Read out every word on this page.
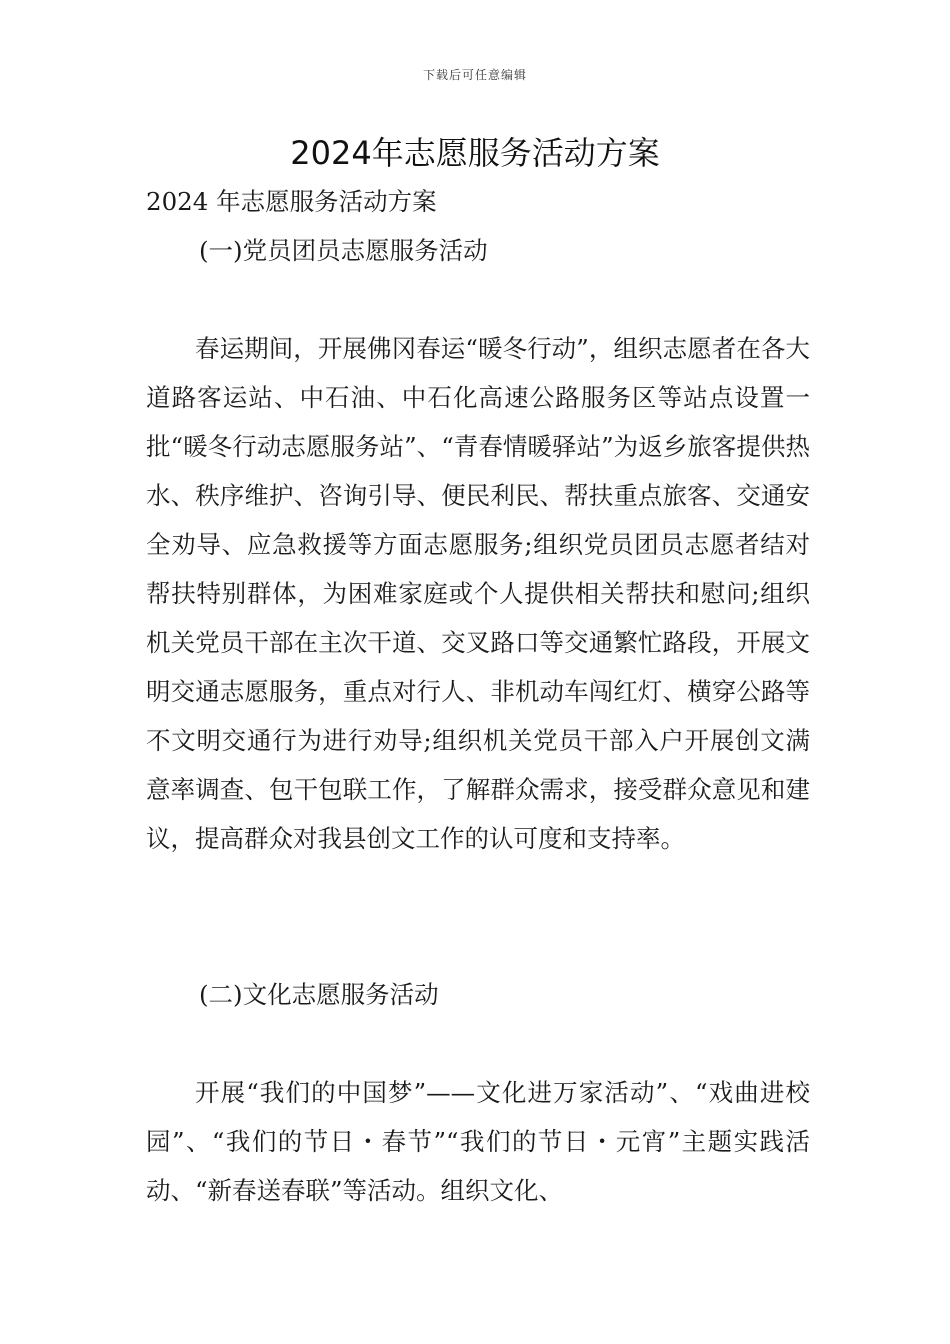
下载后可任意编辑
2024年志愿服务活动方案

2024 年志愿服务活动方案

(一)党员团员志愿服务活动

春运期间，开展佛冈春运“暖冬行动”，组织志愿者在各大道路客运站、中石油、中石化高速公路服务区等站点设置一批“暖冬行动志愿服务站”、“青春情暖驿站”为返乡旅客提供热水、秩序维护、咨询引导、便民利民、帮扶重点旅客、交通安全劝导、应急救援等方面志愿服务;组织党员团员志愿者结对帮扶特别群体，为困难家庭或个人提供相关帮扶和慰问;组织机关党员干部在主次干道、交叉路口等交通繁忙路段，开展文明交通志愿服务，重点对行人、非机动车闯红灯、横穿公路等不文明交通行为进行劝导;组织机关党员干部入户开展创文满意率调查、包干包联工作，了解群众需求，接受群众意见和建议，提高群众对我县创文工作的认可度和支持率。

(二)文化志愿服务活动

开展“我们的中国梦”——文化进万家活动”、“戏曲进校园”、“我们的节日・春节”“我们的节日・元宵”主题实践活动、“新春送春联”等活动。组织文化、
